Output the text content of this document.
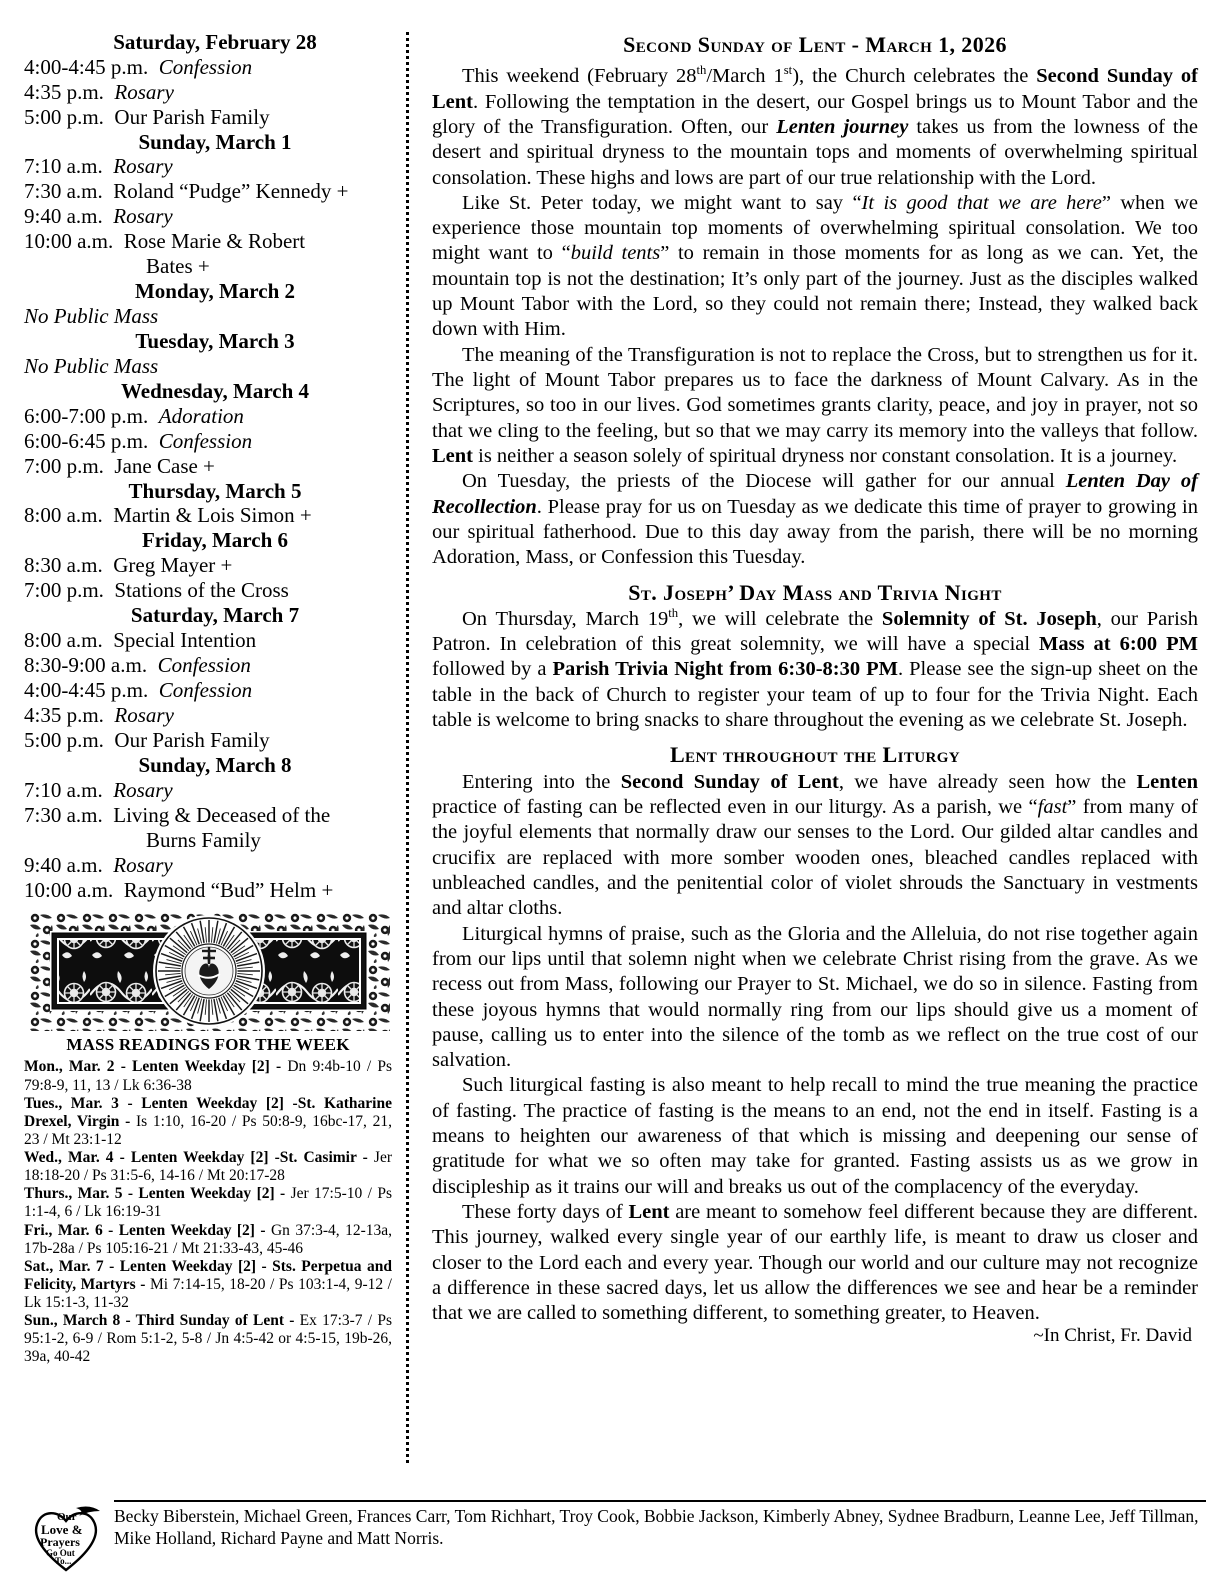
Saturday, February 28
4:00-4:45 p.m. Confession
4:35 p.m. Rosary
5:00 p.m. Our Parish Family
Sunday, March 1
7:10 a.m. Rosary
7:30 a.m. Roland “Pudge” Kennedy +
9:40 a.m. Rosary
10:00 a.m. Rose Marie & Robert
Bates +
Monday, March 2
No Public Mass
Tuesday, March 3
No Public Mass
Wednesday, March 4
6:00-7:00 p.m. Adoration
6:00-6:45 p.m. Confession
7:00 p.m. Jane Case +
Thursday, March 5
8:00 a.m. Martin & Lois Simon +
Friday, March 6
8:30 a.m. Greg Mayer +
7:00 p.m. Stations of the Cross
Saturday, March 7
8:00 a.m. Special Intention
8:30-9:00 a.m. Confession
4:00-4:45 p.m. Confession
4:35 p.m. Rosary
5:00 p.m. Our Parish Family
Sunday, March 8
7:10 a.m. Rosary
7:30 a.m. Living & Deceased of the
Burns Family
9:40 a.m. Rosary
10:00 a.m. Raymond “Bud” Helm +
MASS READINGS FOR THE WEEK
Mon., Mar. 2 - Lenten Weekday [2] - Dn 9:4b-10 / Ps 79:8-9, 11, 13 / Lk 6:36-38
Tues., Mar. 3 - Lenten Weekday [2] -St. Katharine Drexel, Virgin - Is 1:10, 16-20 / Ps 50:8-9, 16bc-17, 21, 23 / Mt 23:1-12
Wed., Mar. 4 - Lenten Weekday [2] -St. Casimir - Jer 18:18-20 / Ps 31:5-6, 14-16 / Mt 20:17-28
Thurs., Mar. 5 - Lenten Weekday [2] - Jer 17:5-10 / Ps 1:1-4, 6 / Lk 16:19-31
Fri., Mar. 6 - Lenten Weekday [2] - Gn 37:3-4, 12-13a, 17b-28a / Ps 105:16-21 / Mt 21:33-43, 45-46
Sat., Mar. 7 - Lenten Weekday [2] - Sts. Perpetua and Felicity, Martyrs - Mi 7:14-15, 18-20 / Ps 103:1-4, 9-12 / Lk 15:1-3, 11-32
Sun., March 8 - Third Sunday of Lent - Ex 17:3-7 / Ps 95:1-2, 6-9 / Rom 5:1-2, 5-8 / Jn 4:5-42 or 4:5-15, 19b-26, 39a, 40-42
Second Sunday of Lent - March 1, 2026

This weekend (February 28th/March 1st), the Church celebrates the Second Sunday of Lent. Following the temptation in the desert, our Gospel brings us to Mount Tabor and the glory of the Transfiguration. Often, our Lenten journey takes us from the lowness of the desert and spiritual dryness to the mountain tops and moments of overwhelming spiritual consolation. These highs and lows are part of our true relationship with the Lord.

Like St. Peter today, we might want to say “It is good that we are here” when we experience those mountain top moments of overwhelming spiritual consolation. We too might want to “build tents” to remain in those moments for as long as we can. Yet, the mountain top is not the destination; It’s only part of the journey. Just as the disciples walked up Mount Tabor with the Lord, so they could not remain there; Instead, they walked back down with Him.

The meaning of the Transfiguration is not to replace the Cross, but to strengthen us for it. The light of Mount Tabor prepares us to face the darkness of Mount Calvary. As in the Scriptures, so too in our lives. God sometimes grants clarity, peace, and joy in prayer, not so that we cling to the feeling, but so that we may carry its memory into the valleys that follow. Lent is neither a season solely of spiritual dryness nor constant consolation. It is a journey.

On Tuesday, the priests of the Diocese will gather for our annual Lenten Day of Recollection. Please pray for us on Tuesday as we dedicate this time of prayer to growing in our spiritual fatherhood. Due to this day away from the parish, there will be no morning Adoration, Mass, or Confession this Tuesday.

St. Joseph’ Day Mass and Trivia Night

On Thursday, March 19th, we will celebrate the Solemnity of St. Joseph, our Parish Patron. In celebration of this great solemnity, we will have a special Mass at 6:00 PM followed by a Parish Trivia Night from 6:30-8:30 PM. Please see the sign-up sheet on the table in the back of Church to register your team of up to four for the Trivia Night. Each table is welcome to bring snacks to share throughout the evening as we celebrate St. Joseph.

Lent throughout the Liturgy

Entering into the Second Sunday of Lent, we have already seen how the Lenten practice of fasting can be reflected even in our liturgy. As a parish, we “fast” from many of the joyful elements that normally draw our senses to the Lord. Our gilded altar candles and crucifix are replaced with more somber wooden ones, bleached candles replaced with unbleached candles, and the penitential color of violet shrouds the Sanctuary in vestments and altar cloths.

Liturgical hymns of praise, such as the Gloria and the Alleluia, do not rise together again from our lips until that solemn night when we celebrate Christ rising from the grave. As we recess out from Mass, following our Prayer to St. Michael, we do so in silence. Fasting from these joyous hymns that would normally ring from our lips should give us a moment of pause, calling us to enter into the silence of the tomb as we reflect on the true cost of our salvation.

Such liturgical fasting is also meant to help recall to mind the true meaning the practice of fasting. The practice of fasting is the means to an end, not the end in itself. Fasting is a means to heighten our awareness of that which is missing and deepening our sense of gratitude for what we so often may take for granted. Fasting assists us as we grow in discipleship as it trains our will and breaks us out of the complacency of the everyday.

These forty days of Lent are meant to somehow feel different because they are different. This journey, walked every single year of our earthly life, is meant to draw us closer and closer to the Lord each and every year. Though our world and our culture may not recognize a difference in these sacred days, let us allow the differences we see and hear be a reminder that we are called to something different, to something greater, to Heaven.

~In Christ, Fr. David
Our
Love &
Prayers
Go Out
To...
Becky Biberstein, Michael Green, Frances Carr, Tom Richhart, Troy Cook, Bobbie Jackson, Kimberly Abney, Sydnee Bradburn, Leanne Lee, Jeff Tillman, Mike Holland, Richard Payne and Matt Norris.
